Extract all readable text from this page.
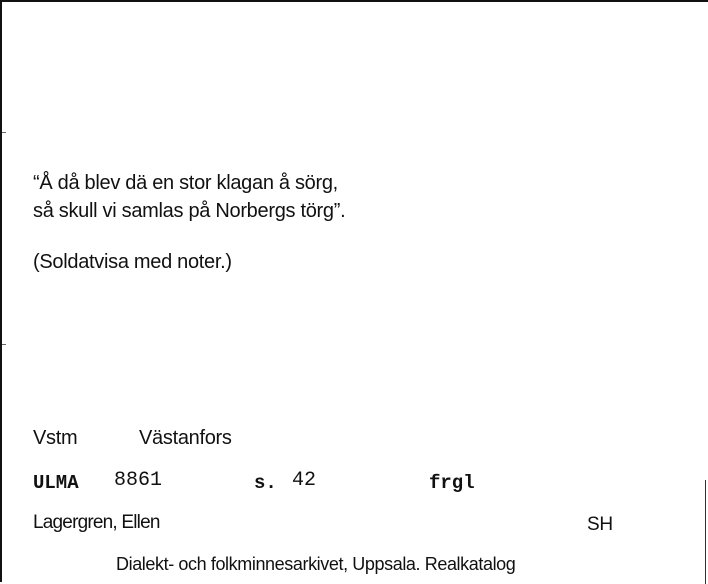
“Å då blev dä en stor klagan å sörg,
så skull vi samlas på Norbergs törg”.
(Soldatvisa med noter.)
Vstm	Västanfors
ULMA 8861	s. 42	frgl
Lagergren, Ellen	SH
Dialekt- och folkminnesarkivet, Uppsala. Realkatalog
